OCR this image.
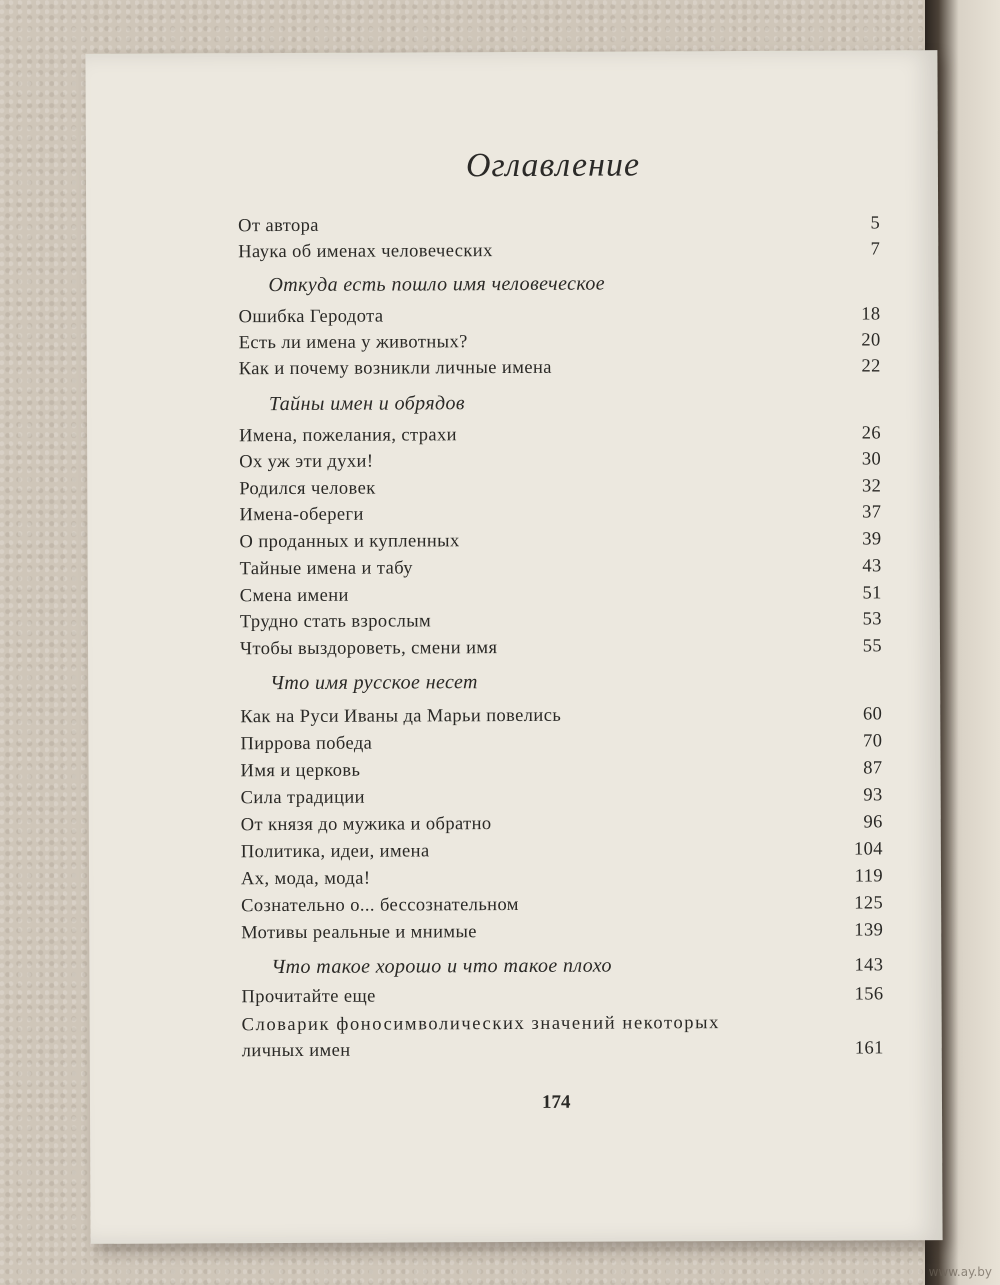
Оглавление
От автора	5
Наука об именах человеческих	7
Откуда есть пошло имя человеческое
Ошибка Геродота	18
Есть ли имена у животных?	20
Как и почему возникли личные имена	22
Тайны имен и обрядов
Имена, пожелания, страхи	26
Ох уж эти духи!	30
Родился человек	32
Имена-обереги	37
О проданных и купленных	39
Тайные имена и табу	43
Смена имени	51
Трудно стать взрослым	53
Чтобы выздороветь, смени имя	55
Что имя русское несет
Как на Руси Иваны да Марьи повелись	60
Пиррова победа	70
Имя и церковь	87
Сила традиции	93
От князя до мужика и обратно	96
Политика, идеи, имена	104
Ах, мода, мода!	119
Сознательно о... бессознательном	125
Мотивы реальные и мнимые	139
Что такое хорошо и что такое плохо	143
Прочитайте еще	156
Словарик фоносимволических значений некоторых
личных имен	161
174
www.ay.by
